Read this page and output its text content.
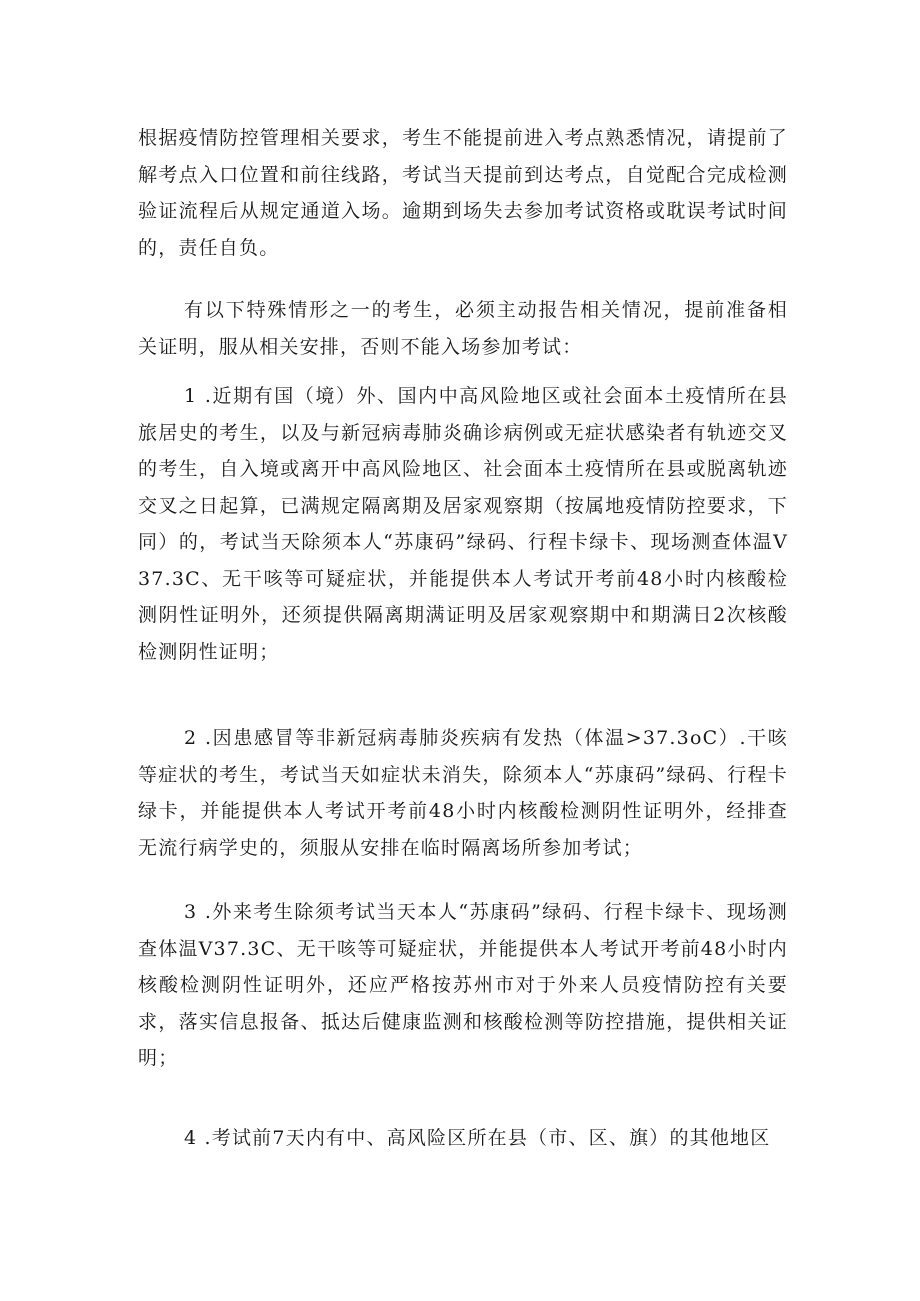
根据疫情防控管理相关要求，考生不能提前进入考点熟悉情况，请提前了解考点入口位置和前往线路，考试当天提前到达考点，自觉配合完成检测验证流程后从规定通道入场。逾期到场失去参加考试资格或耽误考试时间的，责任自负。

有以下特殊情形之一的考生，必须主动报告相关情况，提前准备相关证明，服从相关安排，否则不能入场参加考试：

1 .近期有国（境）外、国内中高风险地区或社会面本土疫情所在县旅居史的考生，以及与新冠病毒肺炎确诊病例或无症状感染者有轨迹交叉的考生，自入境或离开中高风险地区、社会面本土疫情所在县或脱离轨迹交叉之日起算，已满规定隔离期及居家观察期（按属地疫情防控要求，下同）的，考试当天除须本人“苏康码”绿码、行程卡绿卡、现场测查体温V37.3C、无干咳等可疑症状，并能提供本人考试开考前48小时内核酸检测阴性证明外，还须提供隔离期满证明及居家观察期中和期满日2次核酸检测阴性证明；

2 .因患感冒等非新冠病毒肺炎疾病有发热（体温>37.3oC）.干咳等症状的考生，考试当天如症状未消失，除须本人“苏康码”绿码、行程卡绿卡，并能提供本人考试开考前48小时内核酸检测阴性证明外，经排查无流行病学史的，须服从安排在临时隔离场所参加考试；

3 .外来考生除须考试当天本人“苏康码”绿码、行程卡绿卡、现场测查体温V37.3C、无干咳等可疑症状，并能提供本人考试开考前48小时内核酸检测阴性证明外，还应严格按苏州市对于外来人员疫情防控有关要求，落实信息报备、抵达后健康监测和核酸检测等防控措施，提供相关证明；

4 .考试前7天内有中、高风险区所在县（市、区、旗）的其他地区
